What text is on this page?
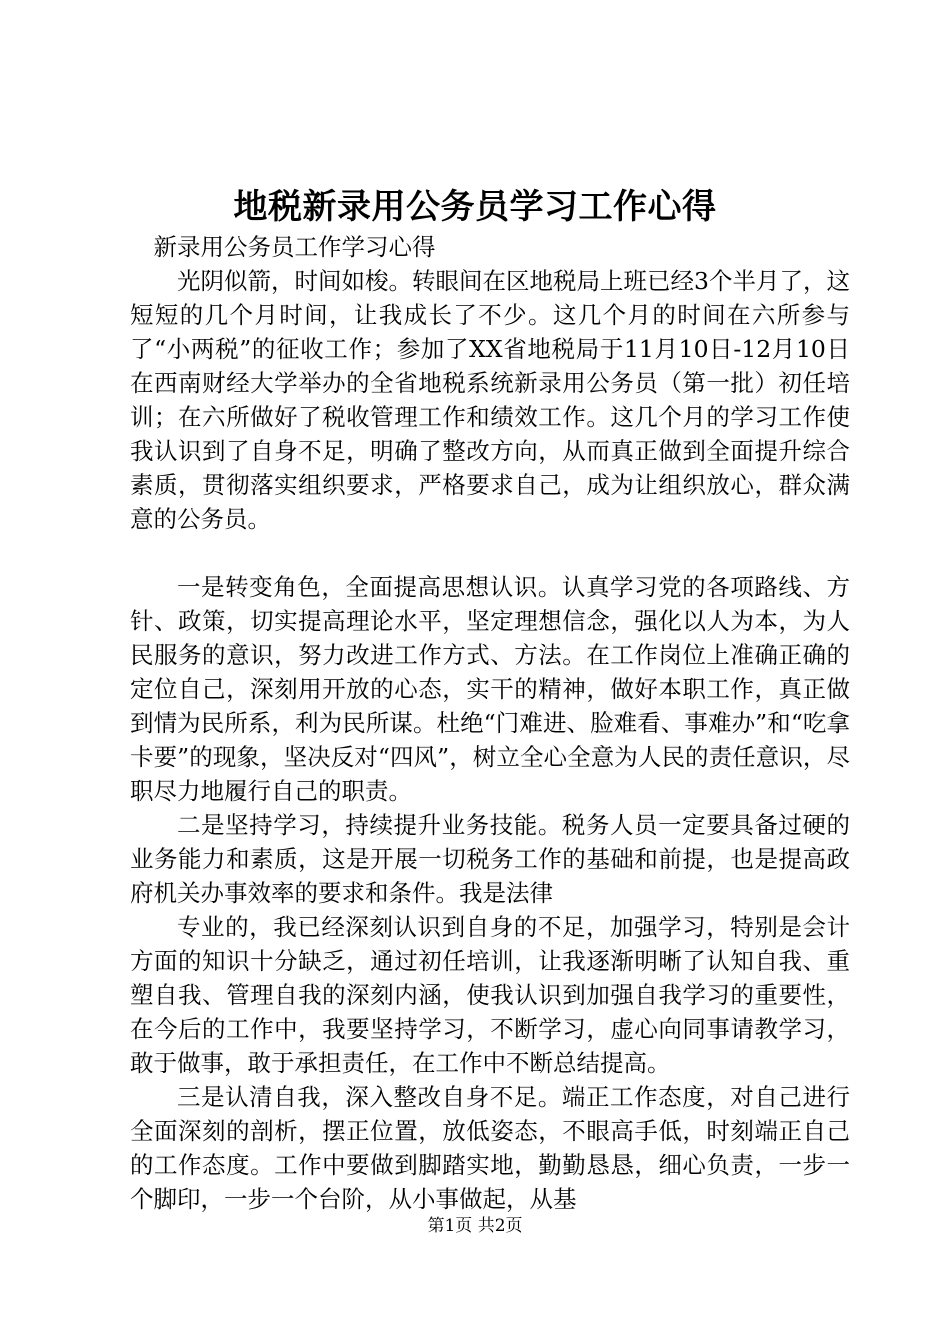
地税新录用公务员学习工作心得

新录用公务员工作学习心得

光阴似箭，时间如梭。转眼间在区地税局上班已经3个半月了，这短短的几个月时间，让我成长了不少。这几个月的时间在六所参与了“小两税”的征收工作；参加了XX省地税局于11月10日-12月10日在西南财经大学举办的全省地税系统新录用公务员（第一批）初任培训；在六所做好了税收管理工作和绩效工作。这几个月的学习工作使我认识到了自身不足，明确了整改方向，从而真正做到全面提升综合素质，贯彻落实组织要求，严格要求自己，成为让组织放心，群众满意的公务员。

一是转变角色，全面提高思想认识。认真学习党的各项路线、方针、政策，切实提高理论水平，坚定理想信念，强化以人为本，为人民服务的意识，努力改进工作方式、方法。在工作岗位上准确正确的定位自己，深刻用开放的心态，实干的精神，做好本职工作，真正做到情为民所系，利为民所谋。杜绝“门难进、脸难看、事难办”和“吃拿卡要”的现象，坚决反对“四风”，树立全心全意为人民的责任意识，尽职尽力地履行自己的职责。

二是坚持学习，持续提升业务技能。税务人员一定要具备过硬的业务能力和素质，这是开展一切税务工作的基础和前提，也是提高政府机关办事效率的要求和条件。我是法律

专业的，我已经深刻认识到自身的不足，加强学习，特别是会计方面的知识十分缺乏，通过初任培训，让我逐渐明晰了认知自我、重塑自我、管理自我的深刻内涵，使我认识到加强自我学习的重要性，在今后的工作中，我要坚持学习，不断学习，虚心向同事请教学习，敢于做事，敢于承担责任，在工作中不断总结提高。

三是认清自我，深入整改自身不足。端正工作态度，对自己进行全面深刻的剖析，摆正位置，放低姿态，不眼高手低，时刻端正自己的工作态度。工作中要做到脚踏实地，勤勤恳恳，细心负责，一步一个脚印，一步一个台阶，从小事做起，从基

第1页 共2页
